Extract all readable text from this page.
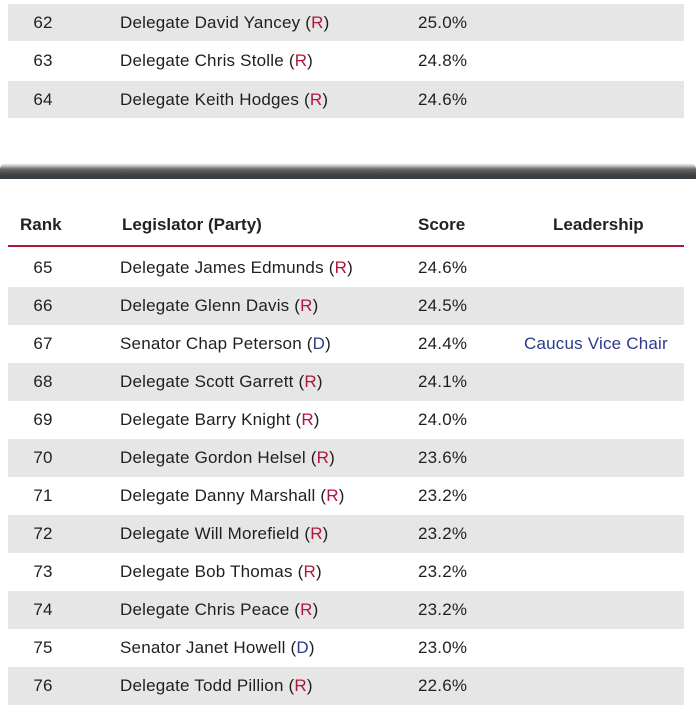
62	Delegate David Yancey (R)	25.0%
63	Delegate Chris Stolle (R)	24.8%
64	Delegate Keith Hodges (R)	24.6%
Rank	Legislator (Party)	Score	Leadership
65	Delegate James Edmunds (R)	24.6%
66	Delegate Glenn Davis (R)	24.5%
67	Senator Chap Peterson (D)	24.4%	Caucus Vice Chair
68	Delegate Scott Garrett (R)	24.1%
69	Delegate Barry Knight (R)	24.0%
70	Delegate Gordon Helsel (R)	23.6%
71	Delegate Danny Marshall (R)	23.2%
72	Delegate Will Morefield (R)	23.2%
73	Delegate Bob Thomas (R)	23.2%
74	Delegate Chris Peace (R)	23.2%
75	Senator Janet Howell (D)	23.0%
76	Delegate Todd Pillion (R)	22.6%
